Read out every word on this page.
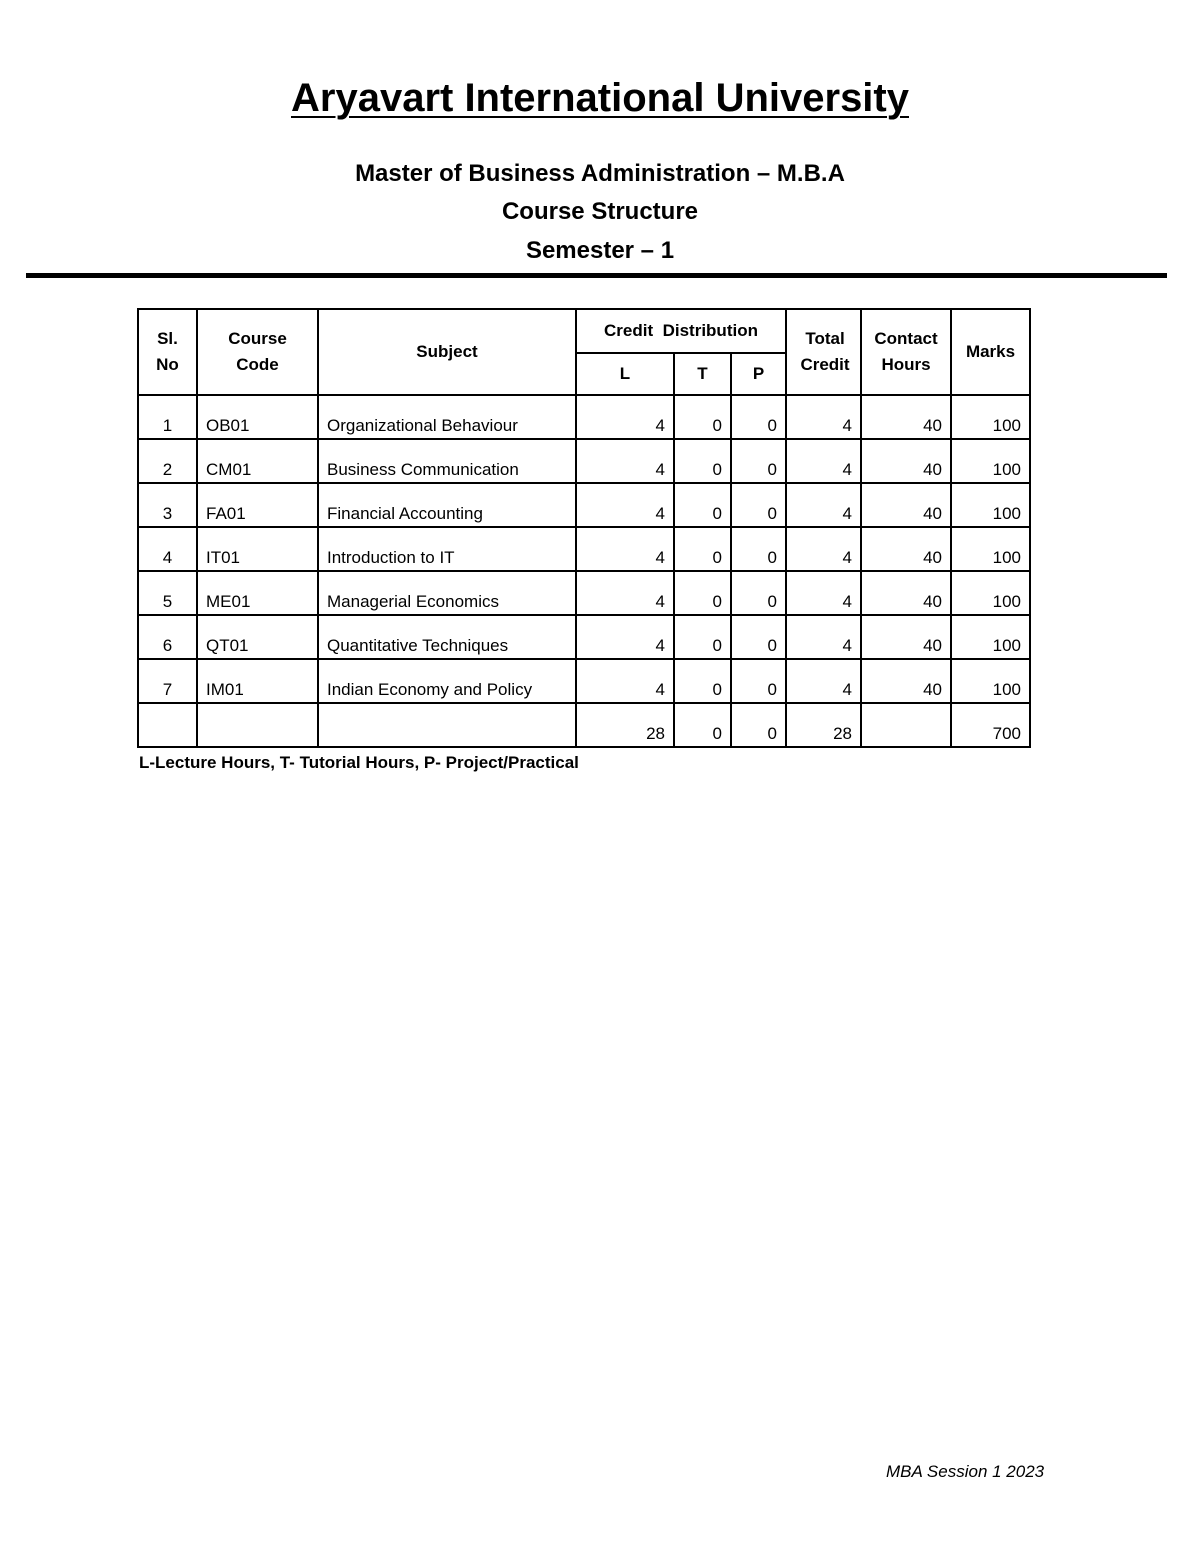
Aryavart International University
Master of Business Administration – M.B.A
Course Structure
Semester – 1
Sl. No	Course Code	Subject	Credit  Distribution			Total Credit	Contact Hours	Marks
			L	T	P			
1	OB01	Organizational Behaviour	4	0	0	4	40	100
2	CM01	Business Communication	4	0	0	4	40	100
3	FA01	Financial Accounting	4	0	0	4	40	100
4	IT01	Introduction to IT	4	0	0	4	40	100
5	ME01	Managerial Economics	4	0	0	4	40	100
6	QT01	Quantitative Techniques	4	0	0	4	40	100
7	IM01	Indian Economy and Policy	4	0	0	4	40	100
			28	0	0	28		700
L-Lecture Hours, T- Tutorial Hours, P- Project/Practical
MBA Session 1 2023
